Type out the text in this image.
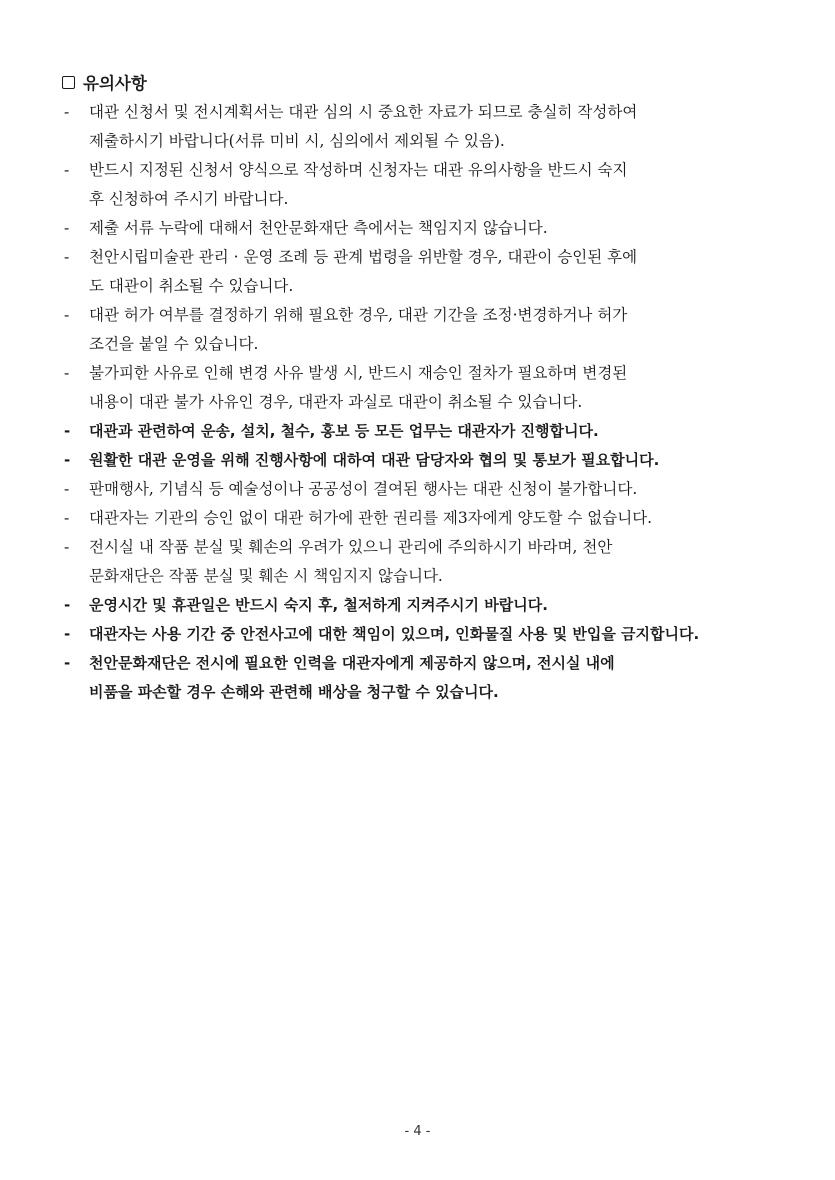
유의사항
- 대관 신청서 및 전시계획서는 대관 심의 시 중요한 자료가 되므로 충실히 작성하여
제출하시기 바랍니다(서류 미비 시, 심의에서 제외될 수 있음).
- 반드시 지정된 신청서 양식으로 작성하며 신청자는 대관 유의사항을 반드시 숙지
후 신청하여 주시기 바랍니다.
- 제출 서류 누락에 대해서 천안문화재단 측에서는 책임지지 않습니다.
- 천안시립미술관 관리 · 운영 조례 등 관계 법령을 위반할 경우, 대관이 승인된 후에
도 대관이 취소될 수 있습니다.
- 대관 허가 여부를 결정하기 위해 필요한 경우, 대관 기간을 조정·변경하거나 허가
조건을 붙일 수 있습니다.
- 불가피한 사유로 인해 변경 사유 발생 시, 반드시 재승인 절차가 필요하며 변경된
내용이 대관 불가 사유인 경우, 대관자 과실로 대관이 취소될 수 있습니다.
- 대관과 관련하여 운송, 설치, 철수, 홍보 등 모든 업무는 대관자가 진행합니다.
- 원활한 대관 운영을 위해 진행사항에 대하여 대관 담당자와 협의 및 통보가 필요합니다.
- 판매행사, 기념식 등 예술성이나 공공성이 결여된 행사는 대관 신청이 불가합니다.
- 대관자는 기관의 승인 없이 대관 허가에 관한 권리를 제3자에게 양도할 수 없습니다.
- 전시실 내 작품 분실 및 훼손의 우려가 있으니 관리에 주의하시기 바라며, 천안
문화재단은 작품 분실 및 훼손 시 책임지지 않습니다.
- 운영시간 및 휴관일은 반드시 숙지 후, 철저하게 지켜주시기 바랍니다.
- 대관자는 사용 기간 중 안전사고에 대한 책임이 있으며, 인화물질 사용 및 반입을 금지합니다.
- 천안문화재단은 전시에 필요한 인력을 대관자에게 제공하지 않으며, 전시실 내에
비품을 파손할 경우 손해와 관련해 배상을 청구할 수 있습니다.
- 4 -
